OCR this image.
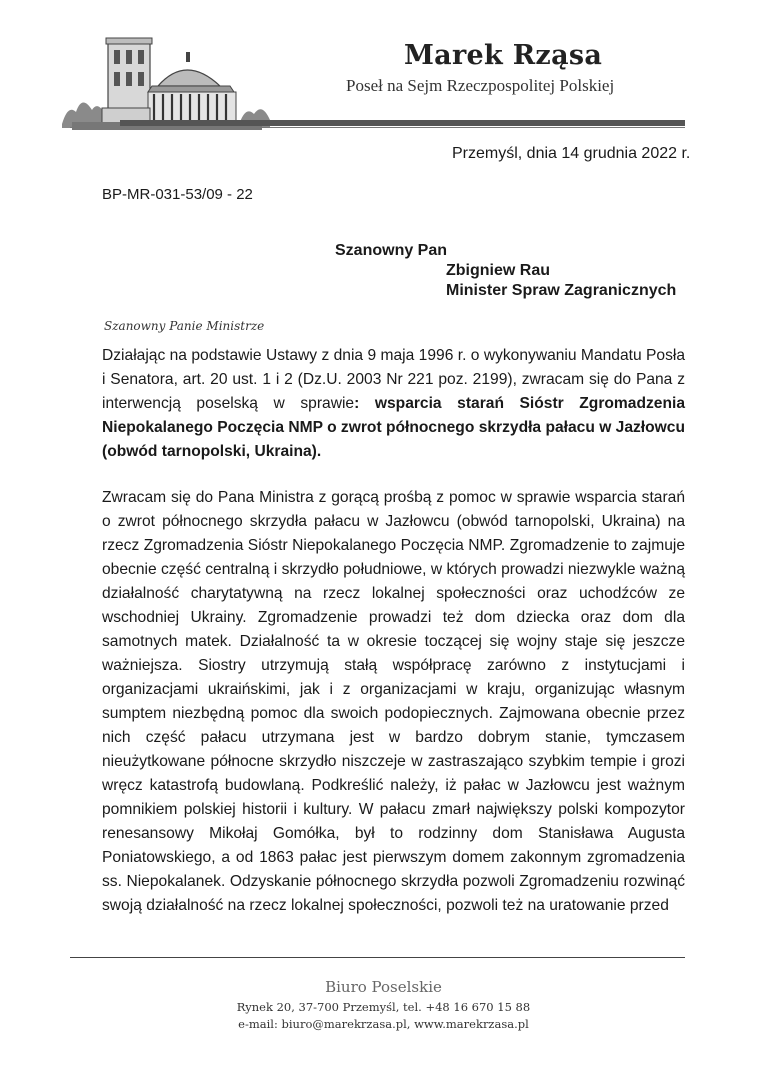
Marek Rząsa
Poseł na Sejm Rzeczpospolitej Polskiej
Przemyśl, dnia 14 grudnia 2022 r.
BP-MR-031-53/09 - 22
Szanowny Pan
Zbigniew Rau
Minister Spraw Zagranicznych
Szanowny Panie Ministrze

Działając na podstawie Ustawy z dnia 9 maja 1996 r. o wykonywaniu Mandatu Posła i Senatora, art. 20 ust. 1 i 2 (Dz.U. 2003 Nr 221 poz. 2199), zwracam się do Pana z interwencją poselską w sprawie: wsparcia starań Sióstr Zgromadzenia Niepokalanego Poczęcia NMP o zwrot północnego skrzydła pałacu w Jazłowcu (obwód tarnopolski, Ukraina).

Zwracam się do Pana Ministra z gorącą prośbą z pomoc w sprawie wsparcia starań o zwrot północnego skrzydła pałacu w Jazłowcu (obwód tarnopolski, Ukraina) na rzecz Zgromadzenia Sióstr Niepokalanego Poczęcia NMP. Zgromadzenie to zajmuje obecnie część centralną i skrzydło południowe, w których prowadzi niezwykle ważną działalność charytatywną na rzecz lokalnej społeczności oraz uchodźców ze wschodniej Ukrainy. Zgromadzenie prowadzi też dom dziecka oraz dom dla samotnych matek. Działalność ta w okresie toczącej się wojny staje się jeszcze ważniejsza. Siostry utrzymują stałą współpracę zarówno z instytucjami i organizacjami ukraińskimi, jak i z organizacjami w kraju, organizując własnym sumptem niezbędną pomoc dla swoich podopiecznych. Zajmowana obecnie przez nich część pałacu utrzymana jest w bardzo dobrym stanie, tymczasem nieużytkowane północne skrzydło niszczeje w zastraszająco szybkim tempie i grozi wręcz katastrofą budowlaną. Podkreślić należy, iż pałac w Jazłowcu jest ważnym pomnikiem polskiej historii i kultury. W pałacu zmarł największy polski kompozytor renesansowy Mikołaj Gomółka, był to rodzinny dom Stanisława Augusta Poniatowskiego, a od 1863 pałac jest pierwszym domem zakonnym zgromadzenia ss. Niepokalanek. Odzyskanie północnego skrzydła pozwoli Zgromadzeniu rozwinąć swoją działalność na rzecz lokalnej społeczności, pozwoli też na uratowanie przed

Biuro Poselskie
Rynek 20, 37-700 Przemyśl, tel. +48 16 670 15 88
e-mail: biuro@marekrzasa.pl, www.marekrzasa.pl
